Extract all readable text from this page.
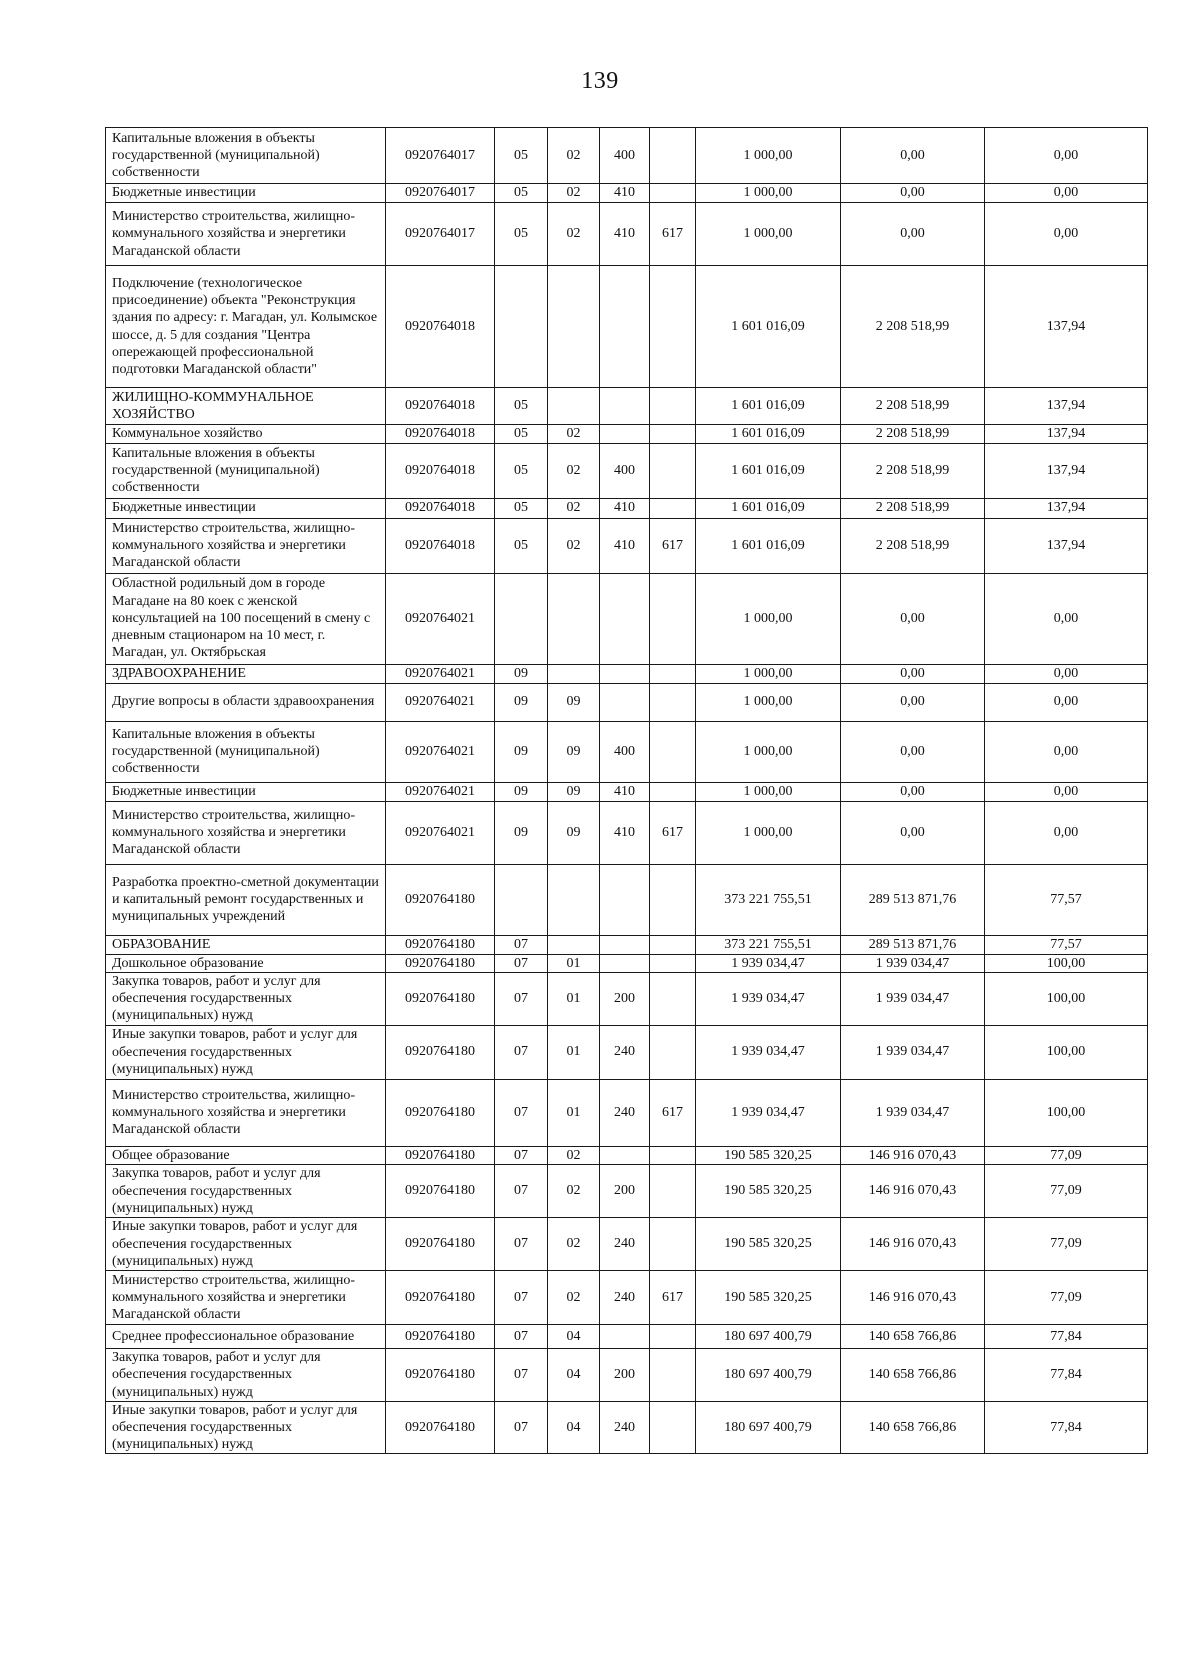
139
Капитальные вложения в объекты государственной (муниципальной) собственности	0920764017	05	02	400		1 000,00	0,00	0,00
Бюджетные инвестиции	0920764017	05	02	410		1 000,00	0,00	0,00
Министерство строительства, жилищно-коммунального хозяйства и энергетики Магаданской области	0920764017	05	02	410	617	1 000,00	0,00	0,00
Подключение (технологическое присоединение) объекта "Реконструкция здания по адресу: г. Магадан, ул. Колымское шоссе, д. 5 для создания "Центра опережающей профессиональной подготовки Магаданской области"	0920764018					1 601 016,09	2 208 518,99	137,94
ЖИЛИЩНО-КОММУНАЛЬНОЕ ХОЗЯЙСТВО	0920764018	05				1 601 016,09	2 208 518,99	137,94
Коммунальное хозяйство	0920764018	05	02			1 601 016,09	2 208 518,99	137,94
Капитальные вложения в объекты государственной (муниципальной) собственности	0920764018	05	02	400		1 601 016,09	2 208 518,99	137,94
Бюджетные инвестиции	0920764018	05	02	410		1 601 016,09	2 208 518,99	137,94
Министерство строительства, жилищно-коммунального хозяйства и энергетики Магаданской области	0920764018	05	02	410	617	1 601 016,09	2 208 518,99	137,94
Областной родильный дом в городе Магадане на 80 коек с женской консультацией на 100 посещений в смену с дневным стационаром на 10 мест, г. Магадан, ул. Октябрьская	0920764021					1 000,00	0,00	0,00
ЗДРАВООХРАНЕНИЕ	0920764021	09				1 000,00	0,00	0,00
Другие вопросы в области здравоохранения	0920764021	09	09			1 000,00	0,00	0,00
Капитальные вложения в объекты государственной (муниципальной) собственности	0920764021	09	09	400		1 000,00	0,00	0,00
Бюджетные инвестиции	0920764021	09	09	410		1 000,00	0,00	0,00
Министерство строительства, жилищно-коммунального хозяйства и энергетики Магаданской области	0920764021	09	09	410	617	1 000,00	0,00	0,00
Разработка проектно-сметной документации и капитальный ремонт государственных и муниципальных учреждений	0920764180					373 221 755,51	289 513 871,76	77,57
ОБРАЗОВАНИЕ	0920764180	07				373 221 755,51	289 513 871,76	77,57
Дошкольное образование	0920764180	07	01			1 939 034,47	1 939 034,47	100,00
Закупка товаров, работ и услуг для обеспечения государственных (муниципальных) нужд	0920764180	07	01	200		1 939 034,47	1 939 034,47	100,00
Иные закупки товаров, работ и услуг для обеспечения государственных (муниципальных) нужд	0920764180	07	01	240		1 939 034,47	1 939 034,47	100,00
Министерство строительства, жилищно-коммунального хозяйства и энергетики Магаданской области	0920764180	07	01	240	617	1 939 034,47	1 939 034,47	100,00
Общее образование	0920764180	07	02			190 585 320,25	146 916 070,43	77,09
Закупка товаров, работ и услуг для обеспечения государственных (муниципальных) нужд	0920764180	07	02	200		190 585 320,25	146 916 070,43	77,09
Иные закупки товаров, работ и услуг для обеспечения государственных (муниципальных) нужд	0920764180	07	02	240		190 585 320,25	146 916 070,43	77,09
Министерство строительства, жилищно-коммунального хозяйства и энергетики Магаданской области	0920764180	07	02	240	617	190 585 320,25	146 916 070,43	77,09
Среднее профессиональное образование	0920764180	07	04			180 697 400,79	140 658 766,86	77,84
Закупка товаров, работ и услуг для обеспечения государственных (муниципальных) нужд	0920764180	07	04	200		180 697 400,79	140 658 766,86	77,84
Иные закупки товаров, работ и услуг для обеспечения государственных (муниципальных) нужд	0920764180	07	04	240		180 697 400,79	140 658 766,86	77,84
